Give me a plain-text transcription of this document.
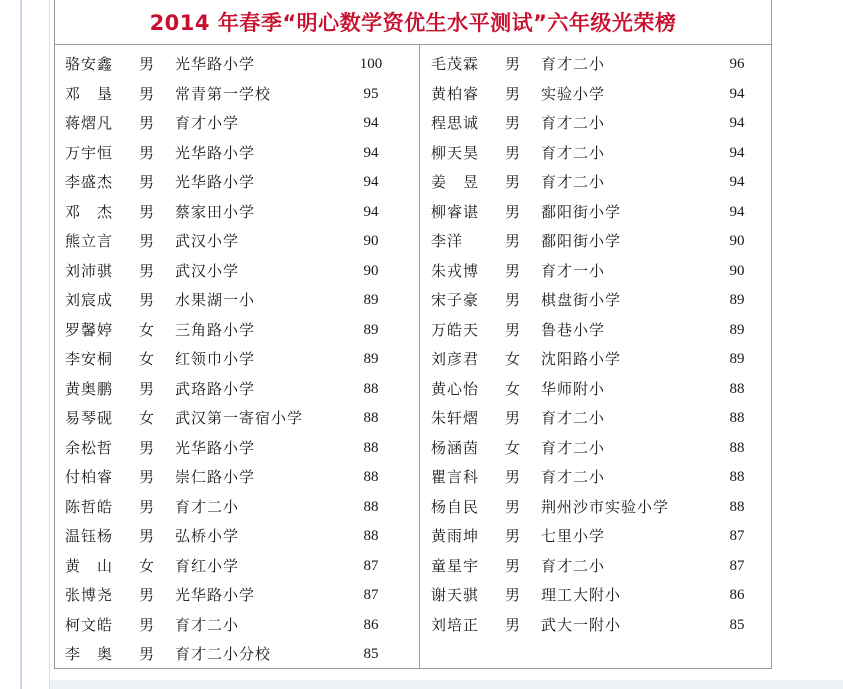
2014 年春季“明心数学资优生水平测试”六年级光荣榜
骆安鑫	男	光华路小学	100
邓　垦	男	常青第一学校	95
蒋熠凡	男	育才小学	94
万宇恒	男	光华路小学	94
李盛杰	男	光华路小学	94
邓　杰	男	蔡家田小学	94
熊立言	男	武汉小学	90
刘沛骐	男	武汉小学	90
刘宸成	男	水果湖一小	89
罗馨婷	女	三角路小学	89
李安桐	女	红领巾小学	89
黄奥鹏	男	武珞路小学	88
易琴砚	女	武汉第一寄宿小学	88
余松哲	男	光华路小学	88
付柏睿	男	崇仁路小学	88
陈哲皓	男	育才二小	88
温钰杨	男	弘桥小学	88
黄　山	女	育红小学	87
张博尧	男	光华路小学	87
柯文皓	男	育才二小	86
李　奥	男	育才二小分校	85
毛茂霖	男	育才二小	96
黄柏睿	男	实验小学	94
程思诚	男	育才二小	94
柳天昊	男	育才二小	94
姜　昱	男	育才二小	94
柳睿谌	男	鄱阳街小学	94
李洋	男	鄱阳街小学	90
朱戎博	男	育才一小	90
宋子豪	男	棋盘街小学	89
万皓天	男	鲁巷小学	89
刘彦君	女	沈阳路小学	89
黄心怡	女	华师附小	88
朱轩熠	男	育才二小	88
杨涵茵	女	育才二小	88
瞿言科	男	育才二小	88
杨自民	男	荆州沙市实验小学	88
黄雨坤	男	七里小学	87
童星宇	男	育才二小	87
谢天骐	男	理工大附小	86
刘培正	男	武大一附小	85
